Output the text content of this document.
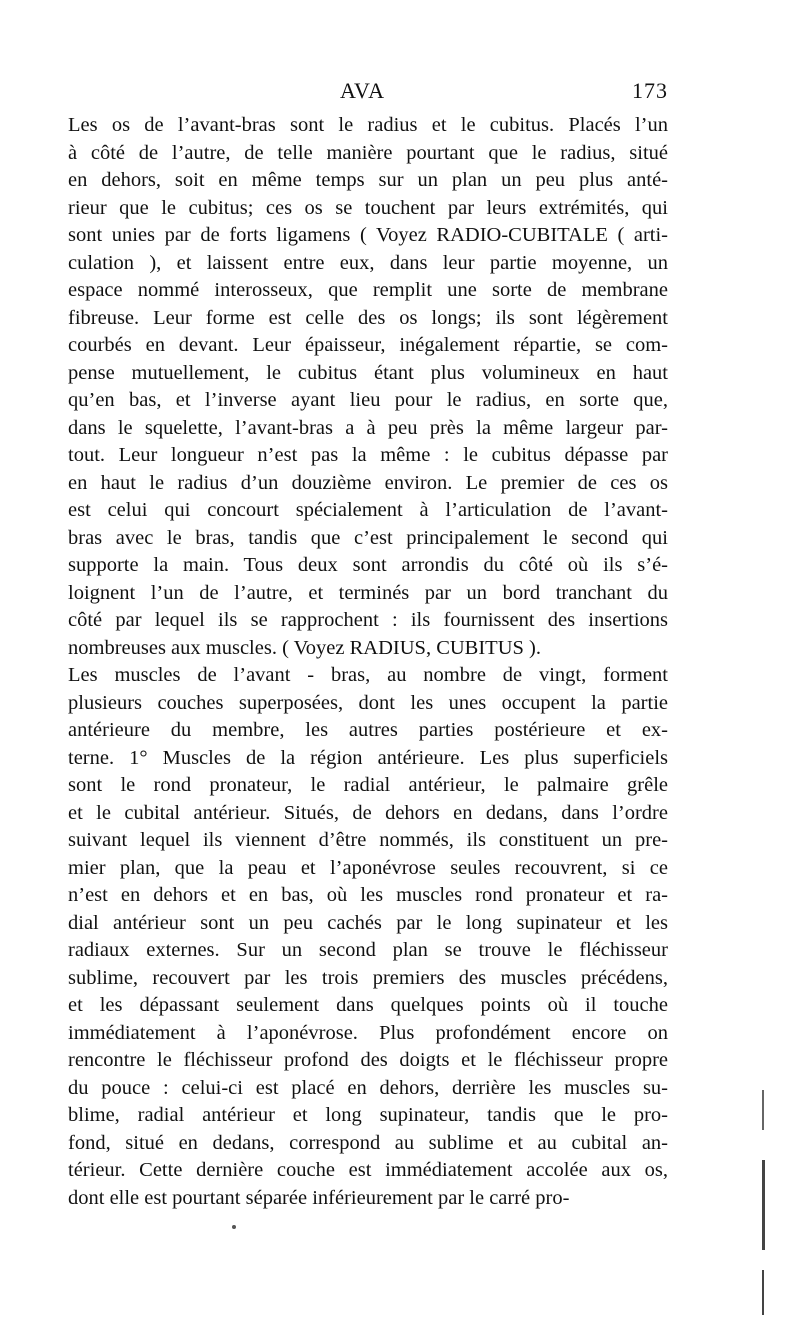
AVA	173
Les os de l’avant-bras sont le radius et le cubitus. Placés l’un
à côté de l’autre, de telle manière pourtant que le radius, situé
en dehors, soit en même temps sur un plan un peu plus anté-
rieur que le cubitus; ces os se touchent par leurs extrémités, qui
sont unies par de forts ligamens ( Voyez RADIO-CUBITALE ( arti-
culation ), et laissent entre eux, dans leur partie moyenne, un
espace nommé interosseux, que remplit une sorte de membrane
fibreuse. Leur forme est celle des os longs; ils sont légèrement
courbés en devant. Leur épaisseur, inégalement répartie, se com-
pense mutuellement, le cubitus étant plus volumineux en haut
qu’en bas, et l’inverse ayant lieu pour le radius, en sorte que,
dans le squelette, l’avant-bras a à peu près la même largeur par-
tout. Leur longueur n’est pas la même : le cubitus dépasse par
en haut le radius d’un douzième environ. Le premier de ces os
est celui qui concourt spécialement à l’articulation de l’avant-
bras avec le bras, tandis que c’est principalement le second qui
supporte la main. Tous deux sont arrondis du côté où ils s’é-
loignent l’un de l’autre, et terminés par un bord tranchant du
côté par lequel ils se rapprochent : ils fournissent des insertions
nombreuses aux muscles. ( Voyez RADIUS, CUBITUS ).
Les muscles de l’avant - bras, au nombre de vingt, forment
plusieurs couches superposées, dont les unes occupent la partie
antérieure du membre, les autres parties postérieure et ex-
terne. 1° Muscles de la région antérieure. Les plus superficiels
sont le rond pronateur, le radial antérieur, le palmaire grêle
et le cubital antérieur. Situés, de dehors en dedans, dans l’ordre
suivant lequel ils viennent d’être nommés, ils constituent un pre-
mier plan, que la peau et l’aponévrose seules recouvrent, si ce
n’est en dehors et en bas, où les muscles rond pronateur et ra-
dial antérieur sont un peu cachés par le long supinateur et les
radiaux externes. Sur un second plan se trouve le fléchisseur
sublime, recouvert par les trois premiers des muscles précédens,
et les dépassant seulement dans quelques points où il touche
immédiatement à l’aponévrose. Plus profondément encore on
rencontre le fléchisseur profond des doigts et le fléchisseur propre
du pouce : celui-ci est placé en dehors, derrière les muscles su-
blime, radial antérieur et long supinateur, tandis que le pro-
fond, situé en dedans, correspond au sublime et au cubital an-
térieur. Cette dernière couche est immédiatement accolée aux os,
dont elle est pourtant séparée inférieurement par le carré pro-
